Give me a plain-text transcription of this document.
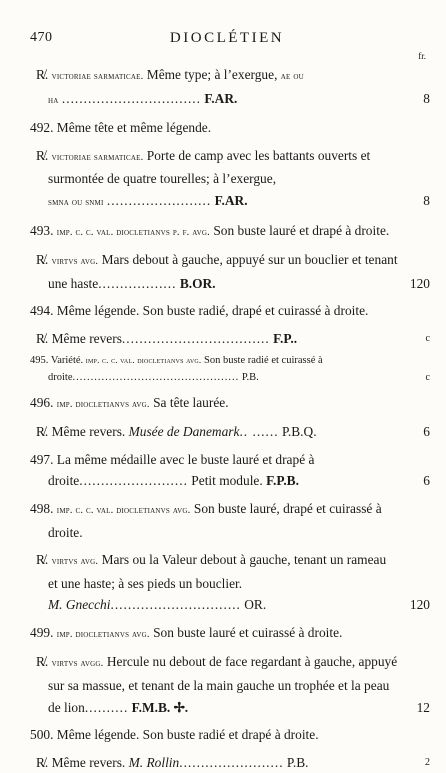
470	DIOCLÉTIEN
fr.
R̸. victoriae sarmaticae. Même type; à l’exergue, aϵ ou
ha ................................ F.AR.	8
492. Même tête et même légende.
R̸. victoriae sarmaticae. Porte de camp avec les battants ouverts et surmontée de quatre tourelles; à l’exergue,
smna ou snmi ........................ F.AR.	8
493. imp. c. c. val. diocletianvs p. f. avg. Son buste lauré et drapé à droite.
R̸. virtvs avg. Mars debout à gauche, appuyé sur un bouclier et tenant une haste.................. B.OR.	120
494. Même légende. Son buste radié, drapé et cuirassé à droite.
R̸. Même revers.................................. F.P..	c
495. Variété. imp. c. c. val. diocletianvs avg. Son buste radié et cuirassé à droite.............................................. P.B.	c
496. imp. diocletianvs avg. Sa tête laurée.
R̸. Même revers. Musée de Danemark.. ...... P.B.Q.	6
497. La même médaille avec le buste lauré et drapé à droite......................... Petit module. F.P.B.	6
498. imp. c. c. val. diocletianvs avg. Son buste lauré, drapé et cuirassé à droite.
R̸. virtvs avg. Mars ou la Valeur debout à gauche, tenant un rameau et une haste; à ses pieds un bouclier.
M. Gnecchi.............................. OR.	120
499. imp. diocletianvs avg. Son buste lauré et cuirassé à droite.
R̸. virtvs avgg. Hercule nu debout de face regardant à gauche, appuyé sur sa massue, et tenant de la main gauche un trophée et la peau de lion.......... F.M.B. ✢.	12
500. Même légende. Son buste radié et drapé à droite.
R̸. Même revers. M. Rollin........................ P.B.	2
